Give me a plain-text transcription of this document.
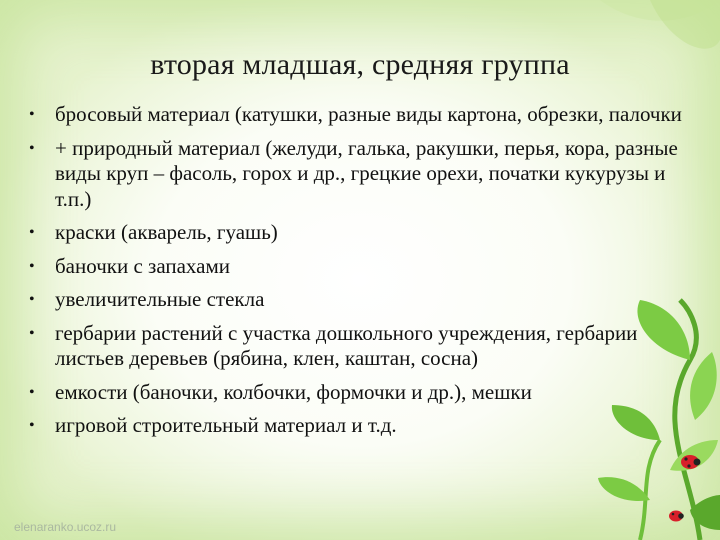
вторая младшая, средняя группа
• бросовый материал (катушки, разные виды картона, обрезки, палочки
• + природный материал (желуди, галька, ракушки, перья, кора, разные виды круп – фасоль, горох и др., грецкие орехи, початки кукурузы и т.п.)
• краски (акварель, гуашь)
• баночки с запахами
• увеличительные стекла
• гербарии растений с участка дошкольного учреждения, гербарии листьев деревьев (рябина, клен, каштан, сосна)
• емкости (баночки, колбочки, формочки и др.), мешки
• игровой строительный материал и т.д.
elenaranko.ucoz.ru
